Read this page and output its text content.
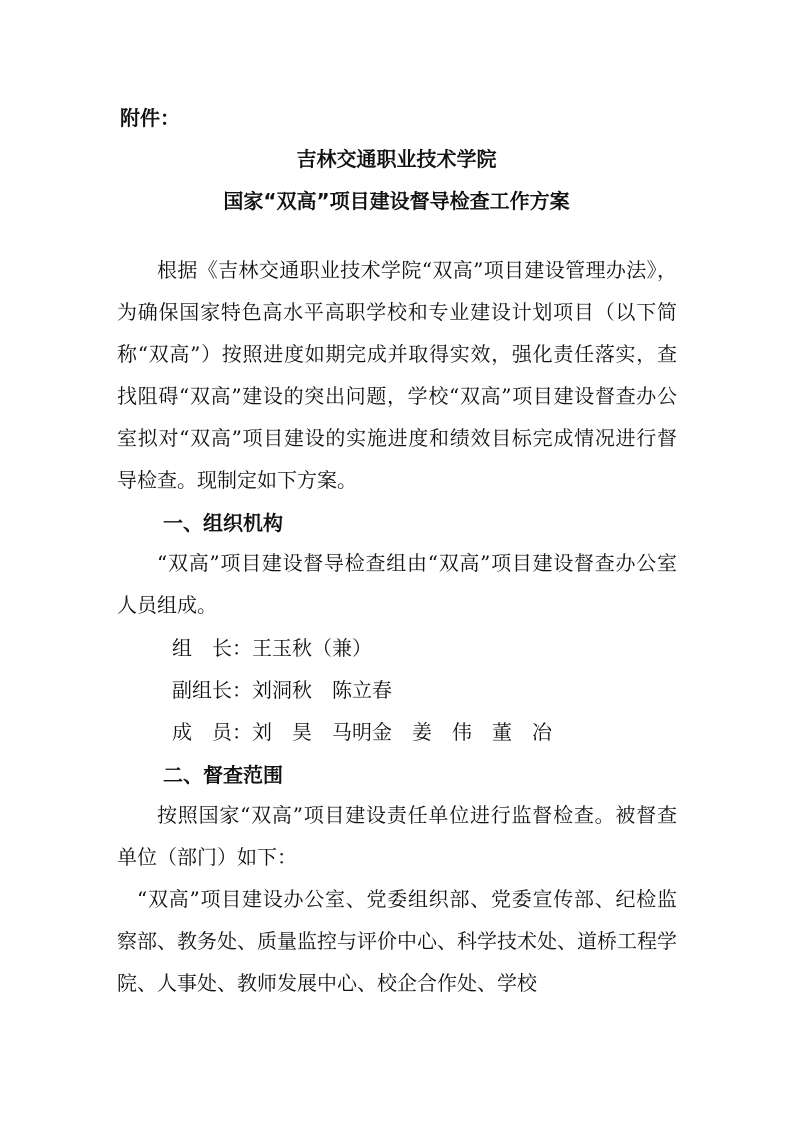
附件：
吉林交通职业技术学院
国家“双高”项目建设督导检查工作方案

根据《吉林交通职业技术学院“双高”项目建设管理办法》，为确保国家特色高水平高职学校和专业建设计划项目（以下简称“双高”）按照进度如期完成并取得实效，强化责任落实，查找阻碍“双高”建设的突出问题，学校“双高”项目建设督查办公室拟对“双高”项目建设的实施进度和绩效目标完成情况进行督导检查。现制定如下方案。

一、组织机构

“双高”项目建设督导检查组由“双高”项目建设督查办公室人员组成。

组　长：王玉秋（兼）
副组长：刘洞秋　陈立春
成　员：刘　昊　马明金　姜　伟　董　冶
二、督查范围

按照国家“双高”项目建设责任单位进行监督检查。被督查单位（部门）如下：

“双高”项目建设办公室、党委组织部、党委宣传部、纪检监察部、教务处、质量监控与评价中心、科学技术处、道桥工程学院、人事处、教师发展中心、校企合作处、学校
